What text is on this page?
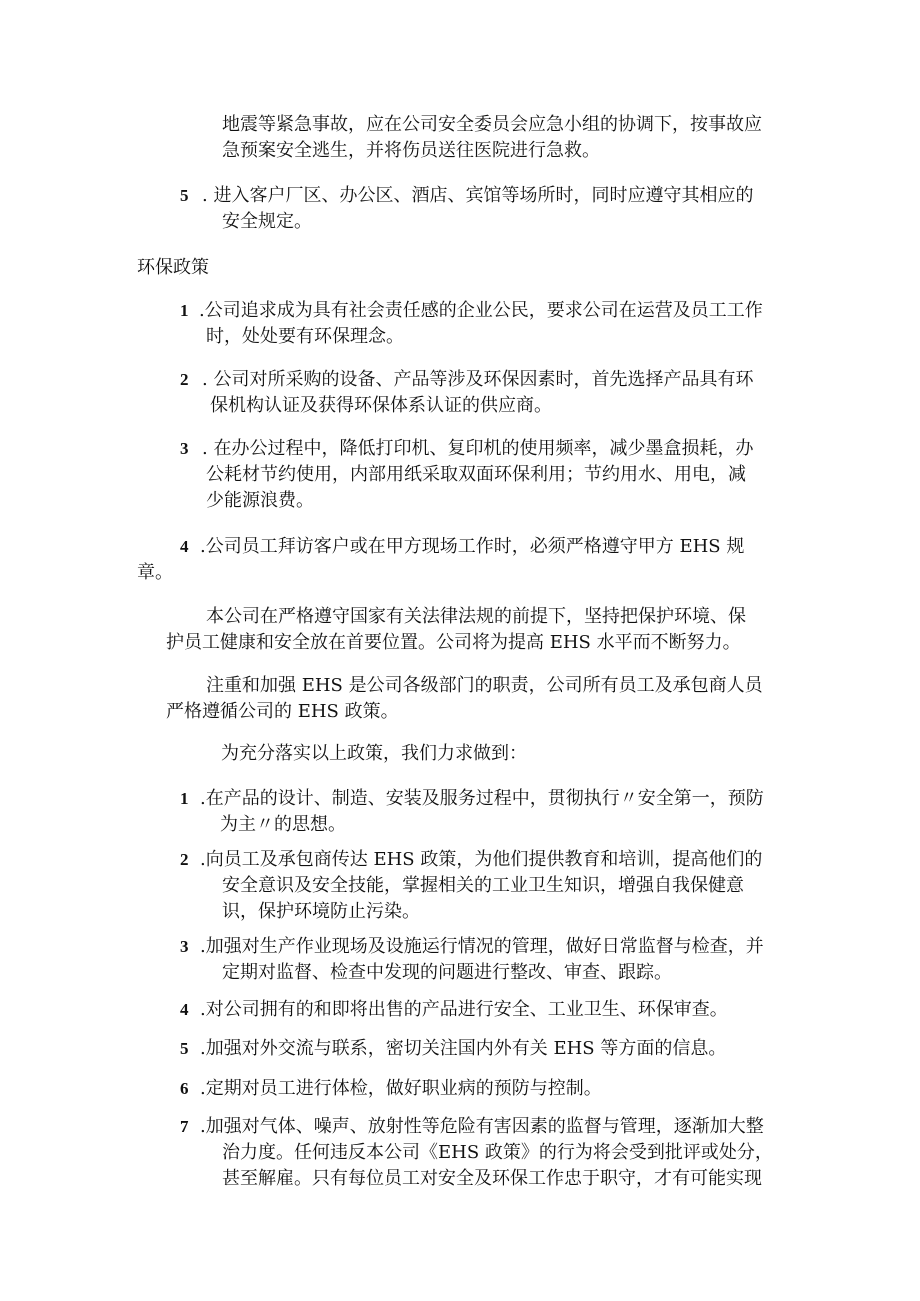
地震等紧急事故，应在公司安全委员会应急小组的协调下，按事故应
急预案安全逃生，并将伤员送往医院进行急救。
5 . 进入客户厂区、办公区、酒店、宾馆等场所时，同时应遵守其相应的
安全规定。
环保政策
1 .公司追求成为具有社会责任感的企业公民，要求公司在运营及员工工作
时，处处要有环保理念。
2 . 公司对所采购的设备、产品等涉及环保因素时，首先选择产品具有环
保机构认证及获得环保体系认证的供应商。
3 . 在办公过程中，降低打印机、复印机的使用频率，减少墨盒损耗，办
公耗材节约使用，内部用纸采取双面环保利用；节约用水、用电，减
少能源浪费。
4 .公司员工拜访客户或在甲方现场工作时，必须严格遵守甲方 EHS 规
章。
本公司在严格遵守国家有关法律法规的前提下，坚持把保护环境、保
护员工健康和安全放在首要位置。公司将为提高 EHS 水平而不断努力。
注重和加强 EHS 是公司各级部门的职责，公司所有员工及承包商人员
严格遵循公司的 EHS 政策。
为充分落实以上政策，我们力求做到：
1 .在产品的设计、制造、安装及服务过程中，贯彻执行〃安全第一，预防
为主〃的思想。
2 .向员工及承包商传达 EHS 政策，为他们提供教育和培训，提高他们的
安全意识及安全技能，掌握相关的工业卫生知识，增强自我保健意
识，保护环境防止污染。
3 .加强对生产作业现场及设施运行情况的管理，做好日常监督与检查，并
定期对监督、检查中发现的问题进行整改、审查、跟踪。
4 .对公司拥有的和即将出售的产品进行安全、工业卫生、环保审查。
5 .加强对外交流与联系，密切关注国内外有关 EHS 等方面的信息。
6 .定期对员工进行体检，做好职业病的预防与控制。
7 .加强对气体、噪声、放射性等危险有害因素的监督与管理，逐渐加大整
治力度。任何违反本公司《EHS 政策》的行为将会受到批评或处分，
甚至解雇。只有每位员工对安全及环保工作忠于职守，才有可能实现
